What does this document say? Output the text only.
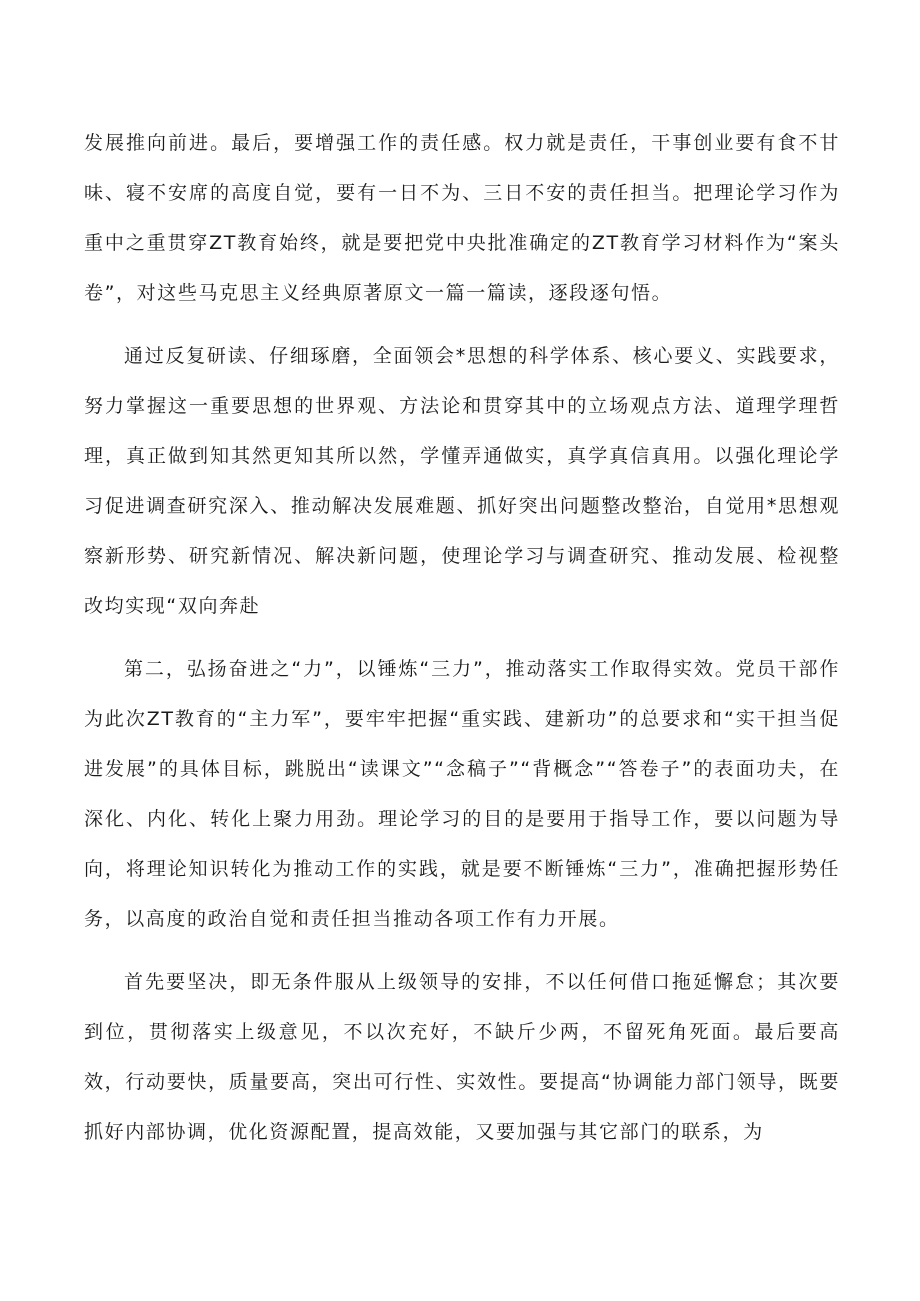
发展推向前进。最后，要增强工作的责任感。权力就是责任，干事创业要有食不甘味、寝不安席的高度自觉，要有一日不为、三日不安的责任担当。把理论学习作为重中之重贯穿ZT教育始终，就是要把党中央批准确定的ZT教育学习材料作为“案头卷”，对这些马克思主义经典原著原文一篇一篇读，逐段逐句悟。

通过反复研读、仔细琢磨，全面领会*思想的科学体系、核心要义、实践要求，努力掌握这一重要思想的世界观、方法论和贯穿其中的立场观点方法、道理学理哲理，真正做到知其然更知其所以然，学懂弄通做实，真学真信真用。以强化理论学习促进调查研究深入、推动解决发展难题、抓好突出问题整改整治，自觉用*思想观察新形势、研究新情况、解决新问题，使理论学习与调查研究、推动发展、检视整改均实现“双向奔赴

第二，弘扬奋进之“力”，以锤炼“三力”，推动落实工作取得实效。党员干部作为此次ZT教育的“主力军”，要牢牢把握“重实践、建新功”的总要求和“实干担当促进发展”的具体目标，跳脱出“读课文”“念稿子”“背概念”“答卷子”的表面功夫，在深化、内化、转化上聚力用劲。理论学习的目的是要用于指导工作，要以问题为导向，将理论知识转化为推动工作的实践，就是要不断锤炼“三力”，准确把握形势任务，以高度的政治自觉和责任担当推动各项工作有力开展。

首先要坚决，即无条件服从上级领导的安排，不以任何借口拖延懈怠；其次要到位，贯彻落实上级意见，不以次充好，不缺斤少两，不留死角死面。最后要高效，行动要快，质量要高，突出可行性、实效性。要提高“协调能力部门领导，既要抓好内部协调，优化资源配置，提高效能，又要加强与其它部门的联系，为
